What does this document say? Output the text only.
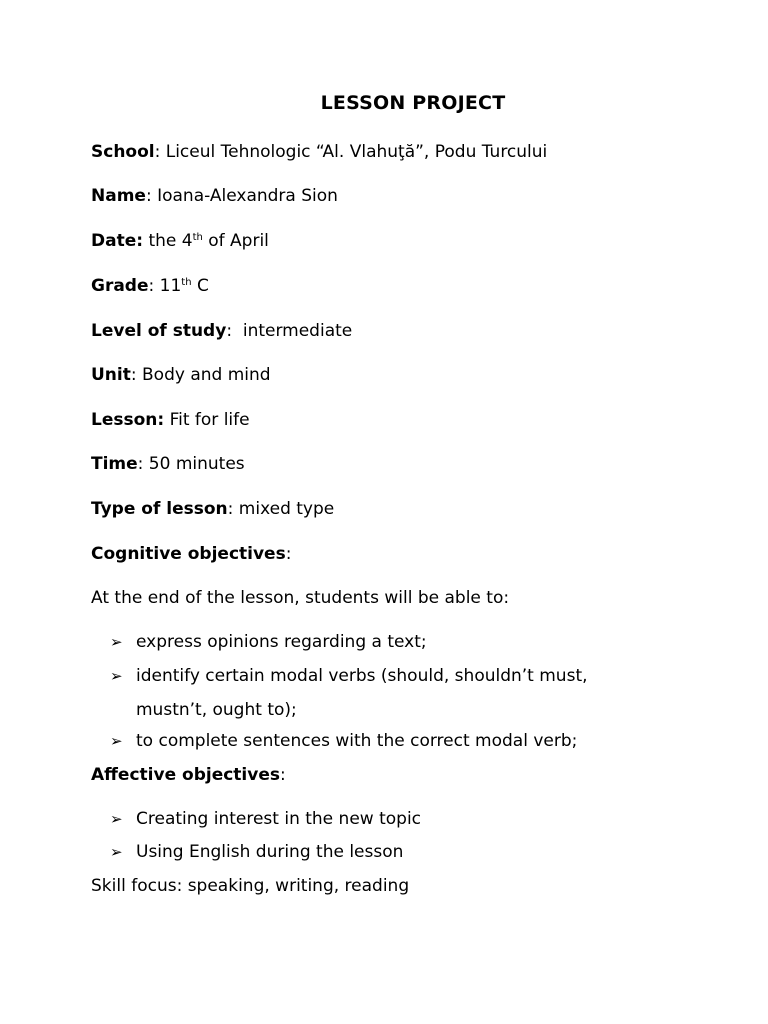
LESSON PROJECT
School: Liceul Tehnologic “Al. Vlahuţă”, Podu Turcului
Name: Ioana-Alexandra Sion
Date: the 4th of April
Grade: 11th C
Level of study:  intermediate
Unit: Body and mind
Lesson: Fit for life
Time: 50 minutes
Type of lesson: mixed type
Cognitive objectives:
At the end of the lesson, students will be able to:
➢ express opinions regarding a text;
➢ identify certain modal verbs (should, shouldn’t must,
mustn’t, ought to);
➢ to complete sentences with the correct modal verb;
Affective objectives:
➢ Creating interest in the new topic
➢ Using English during the lesson
Skill focus: speaking, writing, reading
